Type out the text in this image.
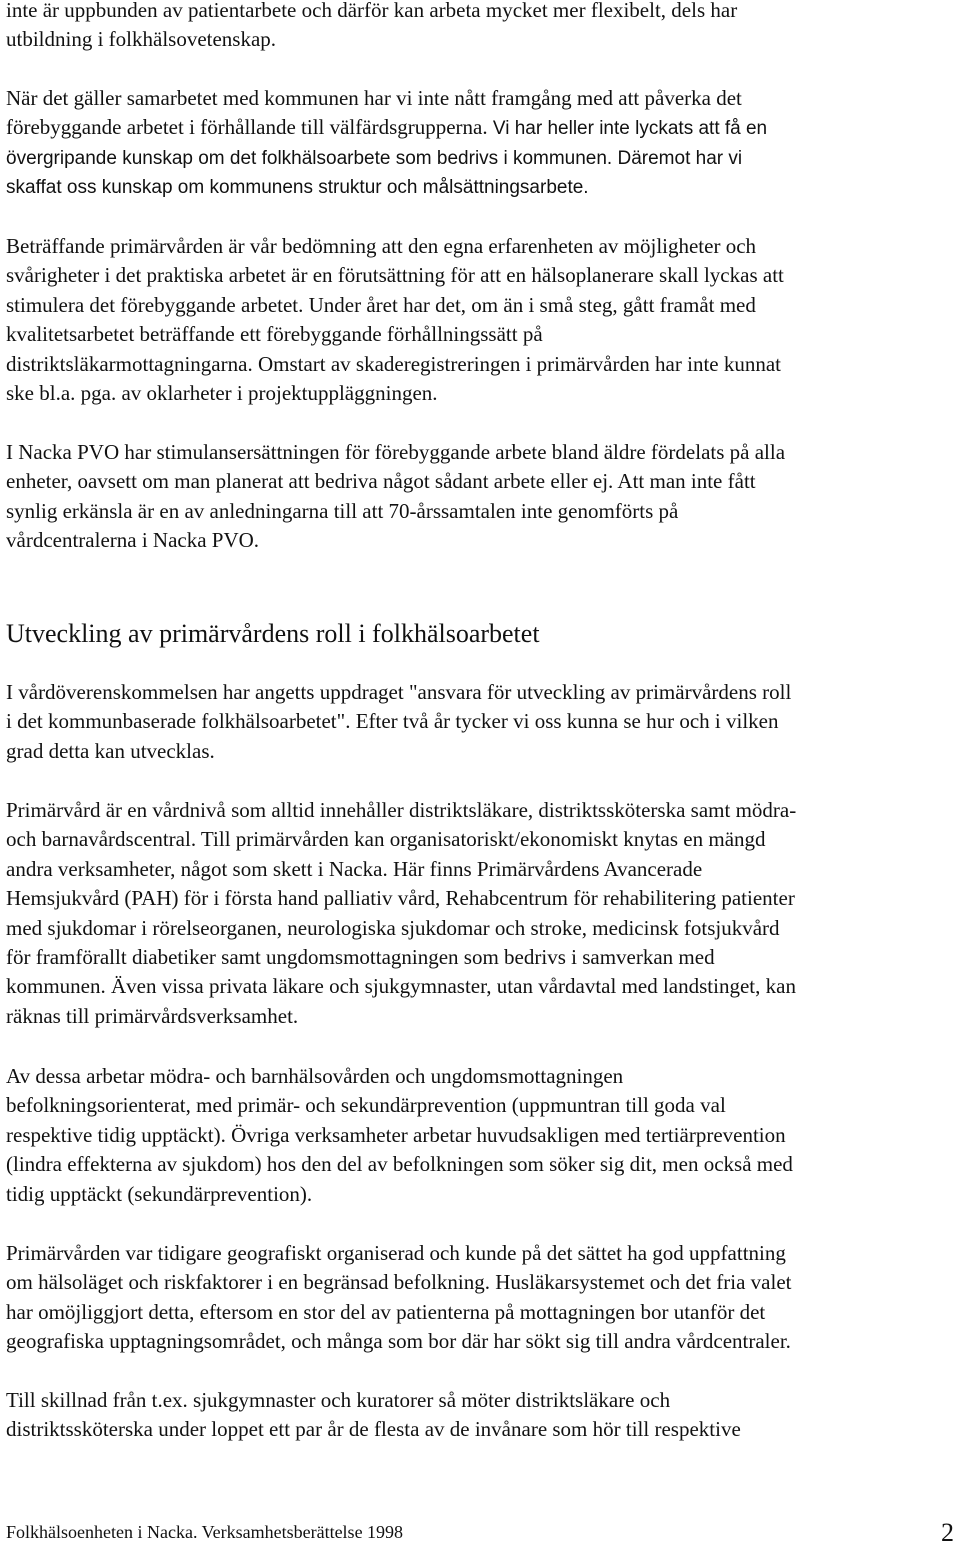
inte är uppbunden av patientarbete och därför kan arbeta mycket mer flexibelt, dels har
utbildning i folkhälsovetenskap.

När det gäller samarbetet med kommunen har vi inte nått framgång med att påverka det
förebyggande arbetet i förhållande till välfärdsgrupperna. Vi har heller inte lyckats att få en
övergripande kunskap om det folkhälsoarbete som bedrivs i kommunen. Däremot har vi
skaffat oss kunskap om kommunens struktur och målsättningsarbete.

Beträffande primärvården är vår bedömning att den egna erfarenheten av möjligheter och
svårigheter i det praktiska arbetet är en förutsättning för att en hälsoplanerare skall lyckas att
stimulera det förebyggande arbetet. Under året har det, om än i små steg, gått framåt med
kvalitetsarbetet beträffande ett förebyggande förhållningssätt på
distriktsläkarmottagningarna. Omstart av skaderegistreringen i primärvården har inte kunnat
ske bl.a. pga. av oklarheter i projektuppläggningen.

I Nacka PVO har stimulansersättningen för förebyggande arbete bland äldre fördelats på alla
enheter, oavsett om man planerat att bedriva något sådant arbete eller ej. Att man inte fått
synlig erkänsla är en av anledningarna till att 70-årssamtalen inte genomförts på
vårdcentralerna i Nacka PVO.

Utveckling av primärvårdens roll i folkhälsoarbetet

I vårdöverenskommelsen har angetts uppdraget "ansvara för utveckling av primärvårdens roll
i det kommunbaserade folkhälsoarbetet". Efter två år tycker vi oss kunna se hur och i vilken
grad detta kan utvecklas.

Primärvård är en vårdnivå som alltid innehåller distriktsläkare, distriktssköterska samt mödra-
och barnavårdscentral. Till primärvården kan organisatoriskt/ekonomiskt knytas en mängd
andra verksamheter, något som skett i Nacka. Här finns Primärvårdens Avancerade
Hemsjukvård (PAH) för i första hand palliativ vård, Rehabcentrum för rehabilitering patienter
med sjukdomar i rörelseorganen, neurologiska sjukdomar och stroke, medicinsk fotsjukvård
för framförallt diabetiker samt ungdomsmottagningen som bedrivs i samverkan med
kommunen. Även vissa privata läkare och sjukgymnaster, utan vårdavtal med landstinget, kan
räknas till primärvårdsverksamhet.

Av dessa arbetar mödra- och barnhälsovården och ungdomsmottagningen
befolkningsorienterat, med primär- och sekundärprevention (uppmuntran till goda val
respektive tidig upptäckt). Övriga verksamheter arbetar huvudsakligen med tertiärprevention
(lindra effekterna av sjukdom) hos den del av befolkningen som söker sig dit, men också med
tidig upptäckt (sekundärprevention).

Primärvården var tidigare geografiskt organiserad och kunde på det sättet ha god uppfattning
om hälsoläget och riskfaktorer i en begränsad befolkning. Husläkarsystemet och det fria valet
har omöjliggjort detta, eftersom en stor del av patienterna på mottagningen bor utanför det
geografiska upptagningsområdet, och många som bor där har sökt sig till andra vårdcentraler.

Till skillnad från t.ex. sjukgymnaster och kuratorer så möter distriktsläkare och
distriktssköterska under loppet ett par år de flesta av de invånare som hör till respektive

Folkhälsoenheten i Nacka. Verksamhetsberättelse 1998	2
